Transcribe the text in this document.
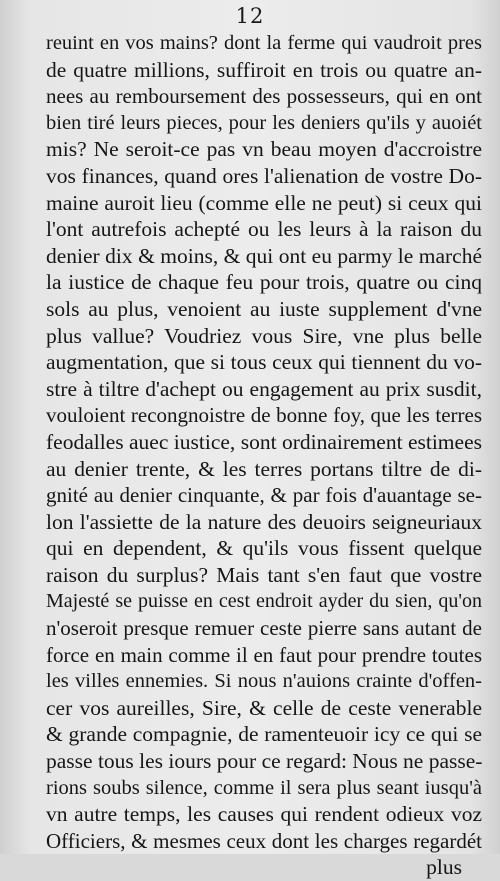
12
reuint en vos mains? dont la ferme qui vaudroit pres
de quatre millions, suffiroit en trois ou quatre an-
nees au remboursement des possesseurs, qui en ont
bien tiré leurs pieces, pour les deniers qu'ils y auoiét
mis? Ne seroit-ce pas vn beau moyen d'accroistre
vos finances, quand ores l'alienation de vostre Do-
maine auroit lieu (comme elle ne peut) si ceux qui
l'ont autrefois achepté ou les leurs à la raison du
denier dix & moins, & qui ont eu parmy le marché
la iustice de chaque feu pour trois, quatre ou cinq
sols au plus, venoient au iuste supplement d'vne
plus vallue? Voudriez vous Sire, vne plus belle
augmentation, que si tous ceux qui tiennent du vo-
stre à tiltre d'achept ou engagement au prix susdit,
vouloient recongnoistre de bonne foy, que les terres
feodalles auec iustice, sont ordinairement estimees
au denier trente, & les terres portans tiltre de di-
gnité au denier cinquante, & par fois d'auantage se-
lon l'assiette de la nature des deuoirs seigneuriaux
qui en dependent, & qu'ils vous fissent quelque
raison du surplus? Mais tant s'en faut que vostre
Majesté se puisse en cest endroit ayder du sien, qu'on
n'oseroit presque remuer ceste pierre sans autant de
force en main comme il en faut pour prendre toutes
les villes ennemies. Si nous n'auions crainte d'offen-
cer vos aureilles, Sire, & celle de ceste venerable
& grande compagnie, de ramenteuoir icy ce qui se
passe tous les iours pour ce regard: Nous ne passe-
rions soubs silence, comme il sera plus seant iusqu'à
vn autre temps, les causes qui rendent odieux voz
Officiers, & mesmes ceux dont les charges regardét
plus
